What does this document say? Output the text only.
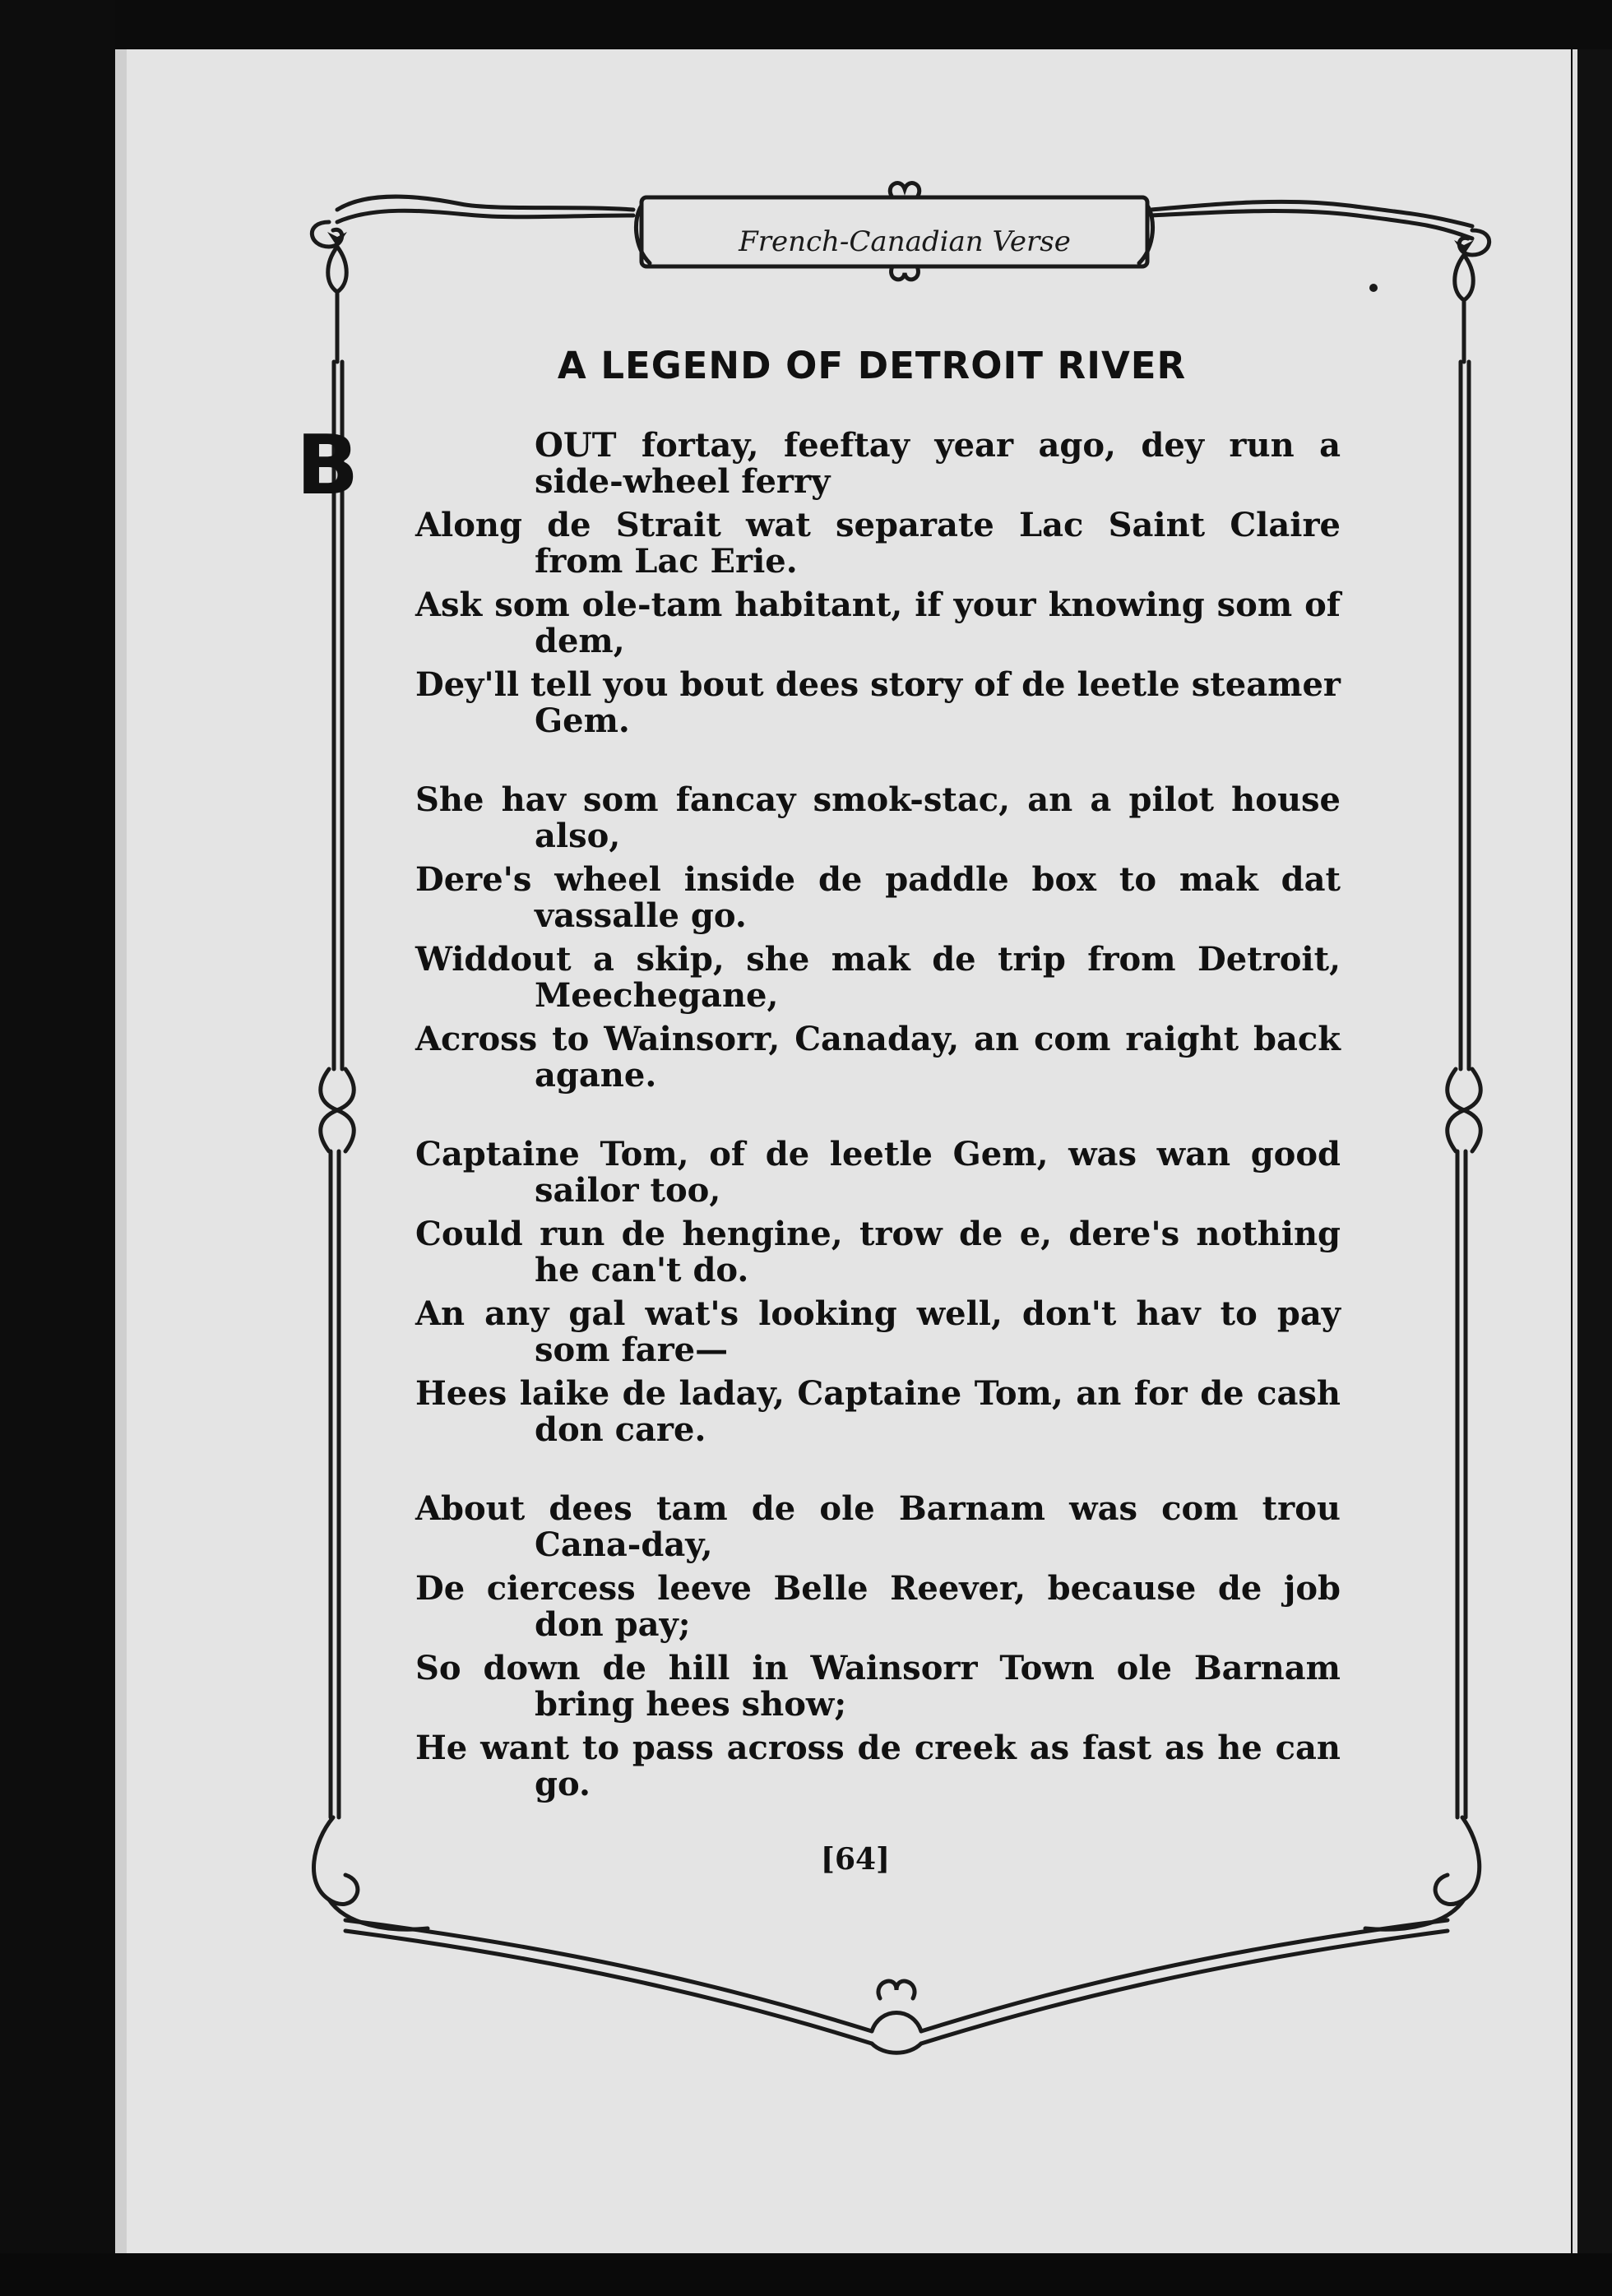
French-Canadian Verse
A LEGEND OF DETROIT RIVER
B	OUT fortay, feeftay year ago, dey run a side-wheel ferry
Along de Strait wat separate Lac Saint Claire from Lac Erie.
Ask som ole-tam habitant, if your knowing som of dem,
Dey'll tell you bout dees story of de leetle steamer Gem.
She hav som fancay smok-stac, an a pilot house also,
Dere's wheel inside de paddle box to mak dat vassalle go.
Widdout a skip, she mak de trip from Detroit, Meechegane,
Across to Wainsorr, Canaday, an com raight back agane.
Captaine Tom, of de leetle Gem, was wan good sailor too,
Could run de hengine, trow de e, dere's nothing he can't do.
An any gal wat's looking well, don't hav to pay som fare—
Hees laike de laday, Captaine Tom, an for de cash don care.
About dees tam de ole Barnam was com trou Cana-day,
De ciercess leeve Belle Reever, because de job don pay;
So down de hill in Wainsorr Town ole Barnam bring hees show;
He want to pass across de creek as fast as he can go.
[64]
